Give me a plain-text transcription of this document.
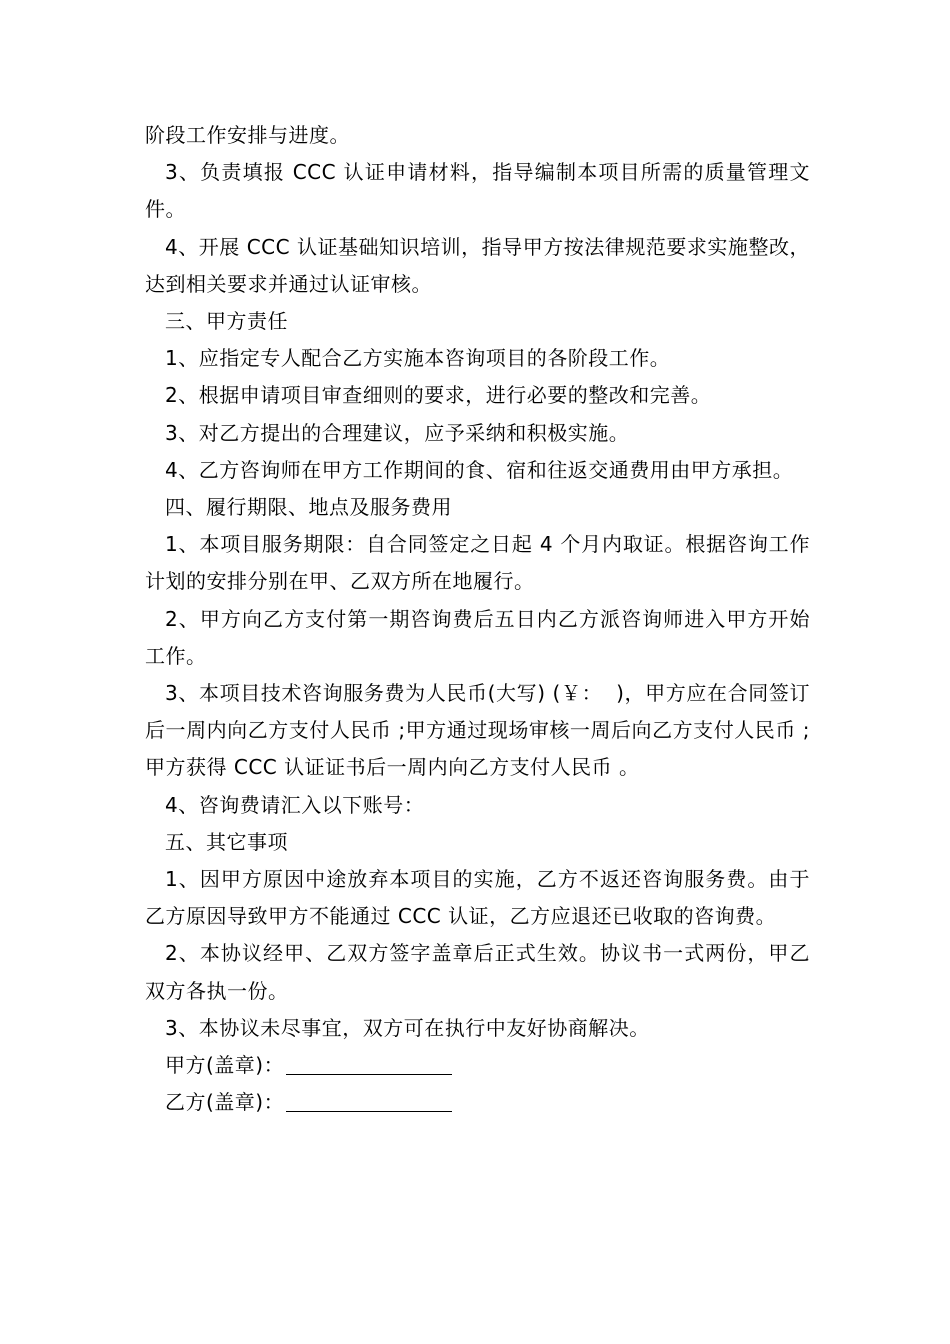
阶段工作安排与进度。

3、负责填报 CCC 认证申请材料，指导编制本项目所需的质量管理文件。

4、开展 CCC 认证基础知识培训，指导甲方按法律规范要求实施整改，达到相关要求并通过认证审核。

三、甲方责任

1、应指定专人配合乙方实施本咨询项目的各阶段工作。

2、根据申请项目审查细则的要求，进行必要的整改和完善。

3、对乙方提出的合理建议，应予采纳和积极实施。

4、乙方咨询师在甲方工作期间的食、宿和往返交通费用由甲方承担。

四、履行期限、地点及服务费用

1、本项目服务期限：自合同签定之日起 4 个月内取证。根据咨询工作计划的安排分别在甲、乙双方所在地履行。

2、甲方向乙方支付第一期咨询费后五日内乙方派咨询师进入甲方开始工作。

3、本项目技术咨询服务费为人民币(大写) (￥：  )，甲方应在合同签订后一周内向乙方支付人民币 ;甲方通过现场审核一周后向乙方支付人民币 ;甲方获得 CCC 认证证书后一周内向乙方支付人民币 。

4、咨询费请汇入以下账号：

五、其它事项

1、因甲方原因中途放弃本项目的实施，乙方不返还咨询服务费。由于乙方原因导致甲方不能通过 CCC 认证，乙方应退还已收取的咨询费。

2、本协议经甲、乙双方签字盖章后正式生效。协议书一式两份，甲乙双方各执一份。

3、本协议未尽事宜，双方可在执行中友好协商解决。

甲方(盖章)：
乙方(盖章)：
